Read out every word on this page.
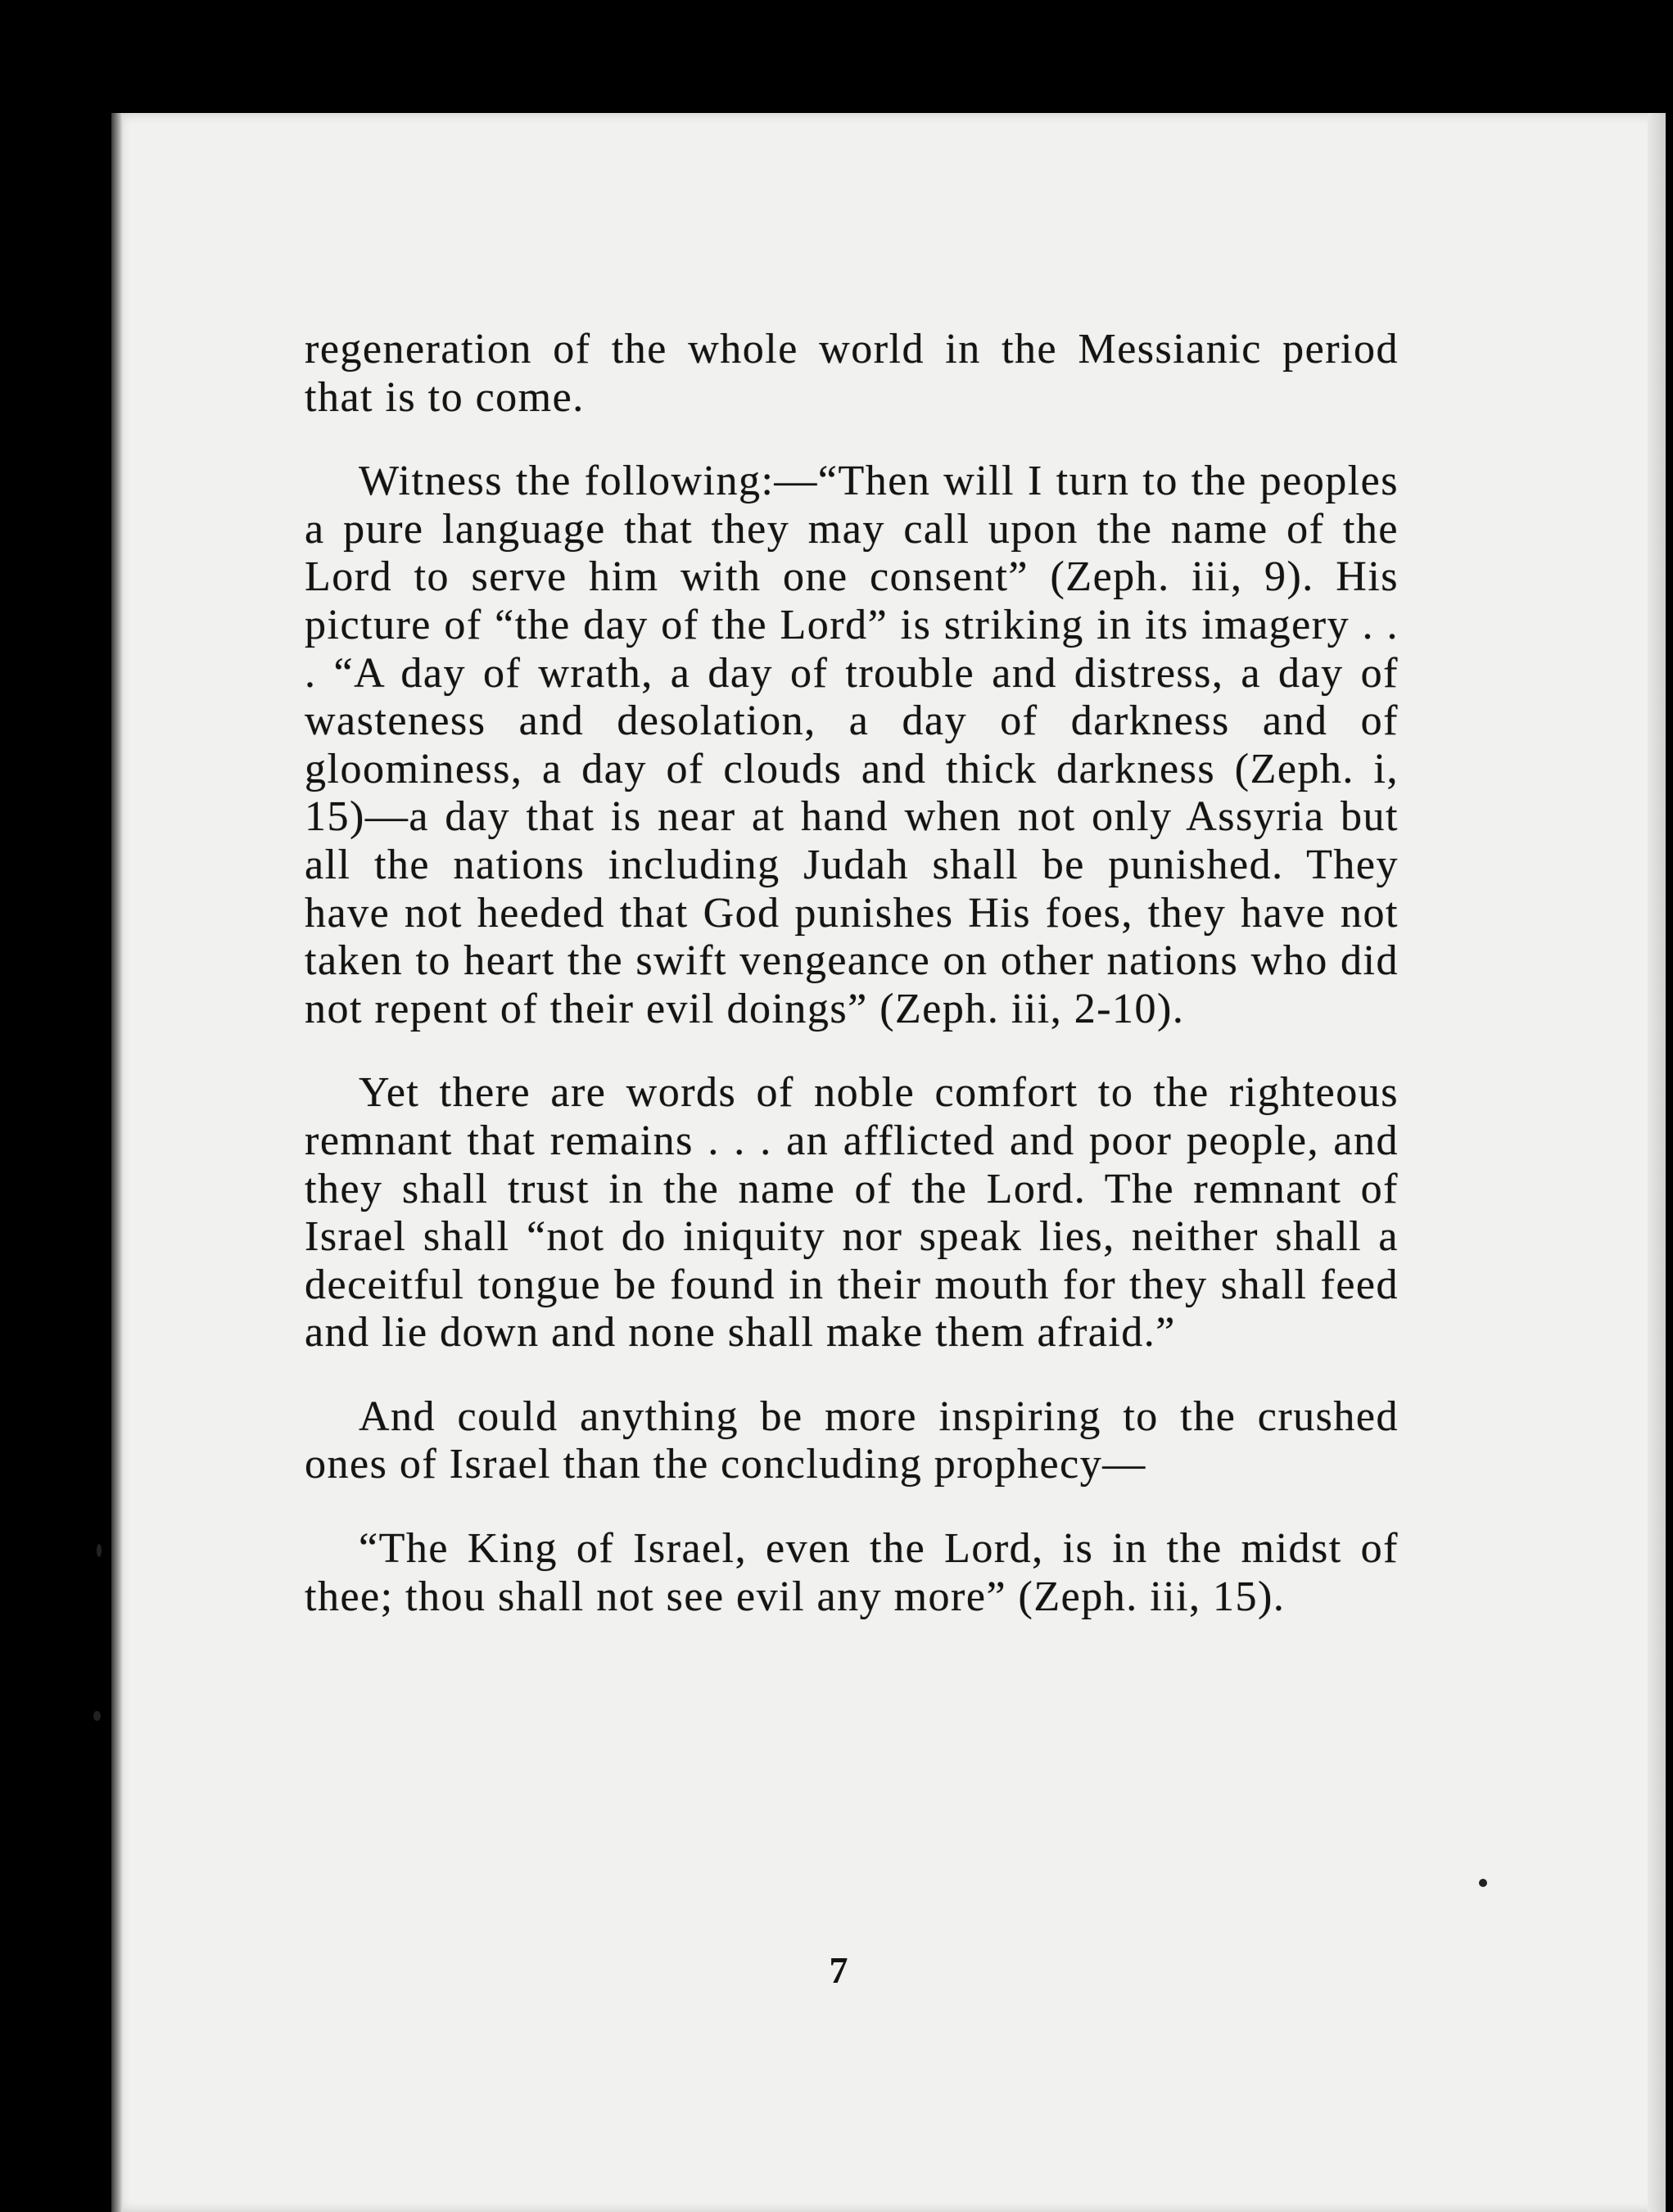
regeneration of the whole world in the Messianic period that is to come.

Witness the following:—“Then will I turn to the peoples a pure language that they may call upon the name of the Lord to serve him with one consent” (Zeph. iii, 9). His picture of “the day of the Lord” is striking in its imagery . . . “A day of wrath, a day of trouble and distress, a day of wasteness and desolation, a day of darkness and of gloominess, a day of clouds and thick darkness (Zeph. i, 15)—a day that is near at hand when not only Assyria but all the nations including Judah shall be punished. They have not heeded that God punishes His foes, they have not taken to heart the swift vengeance on other nations who did not repent of their evil doings” (Zeph. iii, 2-10).

Yet there are words of noble comfort to the righteous remnant that remains . . . an afflicted and poor people, and they shall trust in the name of the Lord. The remnant of Israel shall “not do iniquity nor speak lies, neither shall a deceitful tongue be found in their mouth for they shall feed and lie down and none shall make them afraid.”

And could anything be more inspiring to the crushed ones of Israel than the concluding prophecy—

“The King of Israel, even the Lord, is in the midst of thee; thou shall not see evil any more” (Zeph. iii, 15).

7
